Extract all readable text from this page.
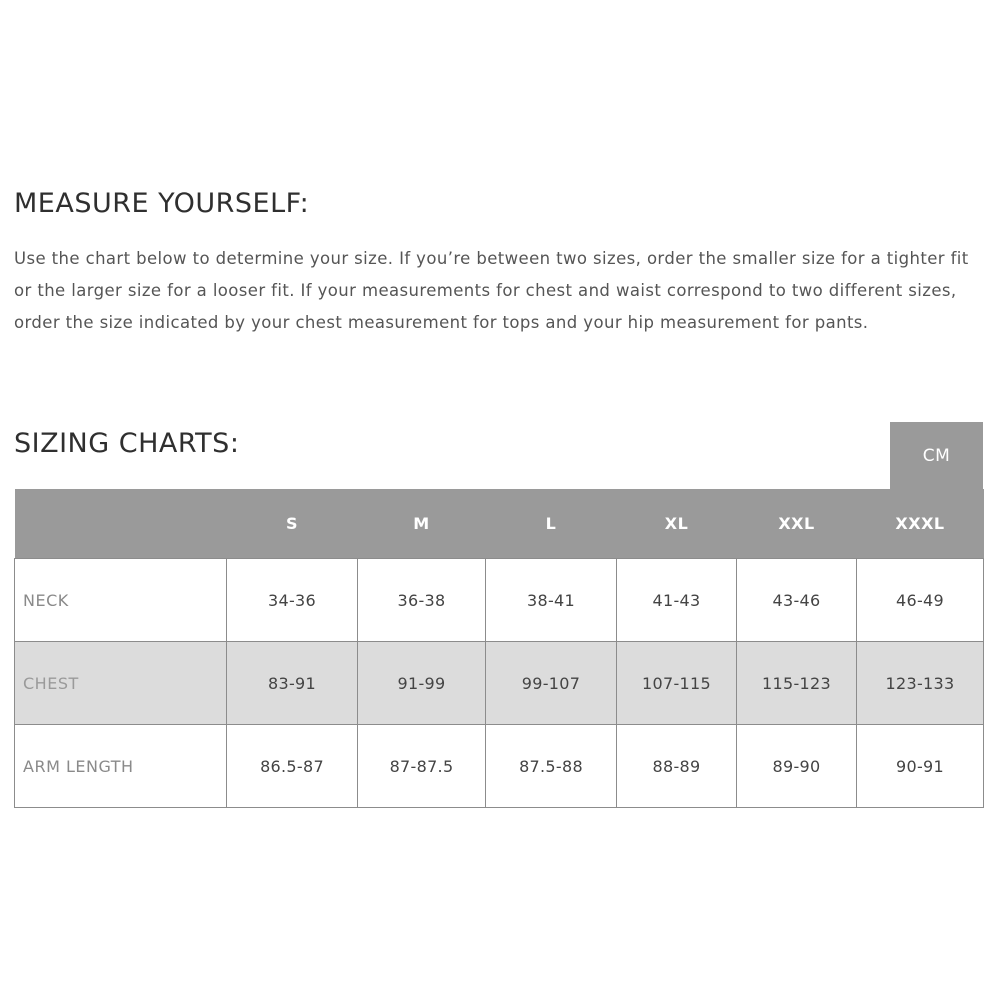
MEASURE YOURSELF:

Use the chart below to determine your size. If you’re between two sizes, order the smaller size for a tighter fit or the larger size for a looser fit. If your measurements for chest and waist correspond to two different sizes, order the size indicated by your chest measurement for tops and your hip measurement for pants.

SIZING CHARTS:	CM
	S	M	L	XL	XXL	XXXL
NECK	34-36	36-38	38-41	41-43	43-46	46-49
CHEST	83-91	91-99	99-107	107-115	115-123	123-133
ARM LENGTH	86.5-87	87-87.5	87.5-88	88-89	89-90	90-91
